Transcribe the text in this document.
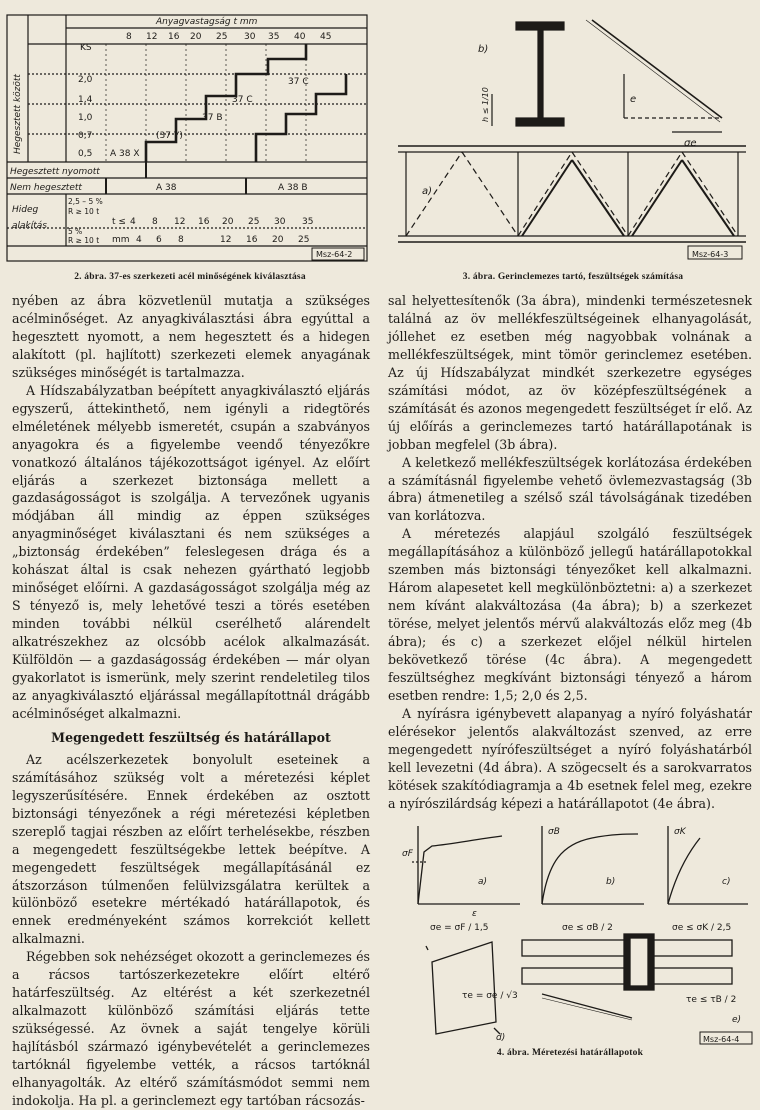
KS
Anyagvastagság t mm
8 12 16 20 25 30 35 40 45
Hegesztett között	2,0
1,4
1,0
0,7
0,5
37 C
37 C
37 B
(37 Y)
A 38 X
Hegesztett nyomott
Nem hegesztett	A 38	A 38 B
Hideg
alakítás
2,5 – 5 %
R ≥ 10 t
5 %
R ≥ 10 t
t ≤ 4 8 12 16 20 25 30 35
mm 4 6 8	12 16 20 25
Msz-64-2
2. ábra. 37-es szerkezeti acél minőségének kiválasztása
b)
e
σe
h ≤ 1/10
a)
Msz-64-3
3. ábra. Gerinclemezes tartó, feszültségek számítása

nyében az ábra közvetlenül mutatja a szükséges acélminőséget. Az anyagkiválasztási ábra egyúttal a hegesztett nyomott, a nem hegesztett és a hidegen alakított (pl. hajlított) szerkezeti elemek anyagának szükséges minőségét is tartalmazza.

A Hídszabályzatban beépített anyagkiválasztó eljárás egyszerű, áttekinthető, nem igényli a ridegtörés elméletének mélyebb ismeretét, csupán a szabványos anyagokra és a figyelembe veendő tényezőkre vonatkozó általános tájékozottságot igényel. Az előírt eljárás a szerkezet biztonsága mellett a gazdaságosságot is szolgálja. A tervezőnek ugyanis módjában áll mindig az éppen szükséges anyagminőséget kiválasztani és nem szükséges a „biztonság érdekében” feleslegesen drága és a kohászat által is csak nehezen gyártható legjobb minőséget előírni. A gazdaságosságot szolgálja még az S tényező is, mely lehetővé teszi a törés esetében minden további nélkül cserélhető alárendelt alkatrészekhez az olcsóbb acélok alkalmazását. Külföldön — a gazdaságosság érdekében — már olyan gyakorlatot is ismerünk, mely szerint rendeletileg tilos az anyagkiválasztó eljárással megállapítottnál drágább acélminőséget alkalmazni.

Megengedett feszültség és határállapot

Az acélszerkezetek bonyolult eseteinek a számításához szükség volt a méretezési képlet legyszerűsítésére. Ennek érdekében az osztott biztonsági tényezőnek a régi méretezési képletben szereplő tagjai részben az előírt terhelésekbe, részben a megengedett feszültségekbe lettek beépítve. A megengedett feszültségek megállapításánál ez átszorzáson túlmenően felülvizsgálatra kerültek a különböző esetekre mértékadó határállapotok, és ennek eredményeként számos korrekciót kellett alkalmazni.

Régebben sok nehézséget okozott a gerinclemezes és a rácsos tartószerkezetekre előírt eltérő határfeszültség. Az eltérést a két szerkezetnél alkalmazott különböző számítási eljárás tette szükségessé. Az övnek a saját tengelye körüli hajlításból származó igénybevételét a gerinclemezes tartóknál figyelembe vették, a rácsos tartóknál elhanyagolták. Az eltérő számításmódot semmi nem indokolja. Ha pl. a gerinclemezt egy tartóban rácsozás-

sal helyettesítenők (3a ábra), mindenki természetesnek találná az öv mellékfeszültségeinek elhanyagolását, jóllehet ez esetben még nagyobbak volnának a mellékfeszültségek, mint tömör gerinclemez esetében. Az új Hídszabályzat mindkét szerkezetre egységes számítási módot, az öv középfeszültségének a számítását és azonos megengedett feszültséget ír elő. Az új előírás a gerinclemezes tartó határállapotának is jobban megfelel (3b ábra).

A keletkező mellékfeszültségek korlátozása érdekében a számításnál figyelembe vehető övlemezvastagság (3b ábra) átmenetileg a szélső szál távolságának tizedében van korlátozva.

A méretezés alapjául szolgáló feszültségek megállapításához a különböző jellegű határállapotokkal szemben más biztonsági tényezőket kell alkalmazni. Három alapesetet kell megkülönböztetni: a) a szerkezet nem kívánt alakváltozása (4a ábra); b) a szerkezet törése, melyet jelentős mérvű alakváltozás előz meg (4b ábra); és c) a szerkezet előjel nélkül hirtelen bekövetkező törése (4c ábra). A megengedett feszültséghez megkívánt biztonsági tényező a három esetben rendre: 1,5; 2,0 és 2,5.

A nyírásra igénybevett alapanyag a nyíró folyáshatár elérésekor jelentős alakváltozást szenved, az erre megengedett nyírófeszültséget a nyíró folyáshatárból kell levezetni (4d ábra). A szögecselt és a sarokvarratos kötések szakítódiagramja a 4b esetnek felel meg, ezekre a nyírószilárdság képezi a határállapotot (4e ábra).

σF
σB	σK
ε
a)	b)	c)
d)
e)
σe = σF / 1,5	σe ≤ σB / 2	σe ≤ σK / 2,5
τe = σe / √3	τe ≤ τB / 2
Msz-64-4
4. ábra. Méretezési határállapotok
